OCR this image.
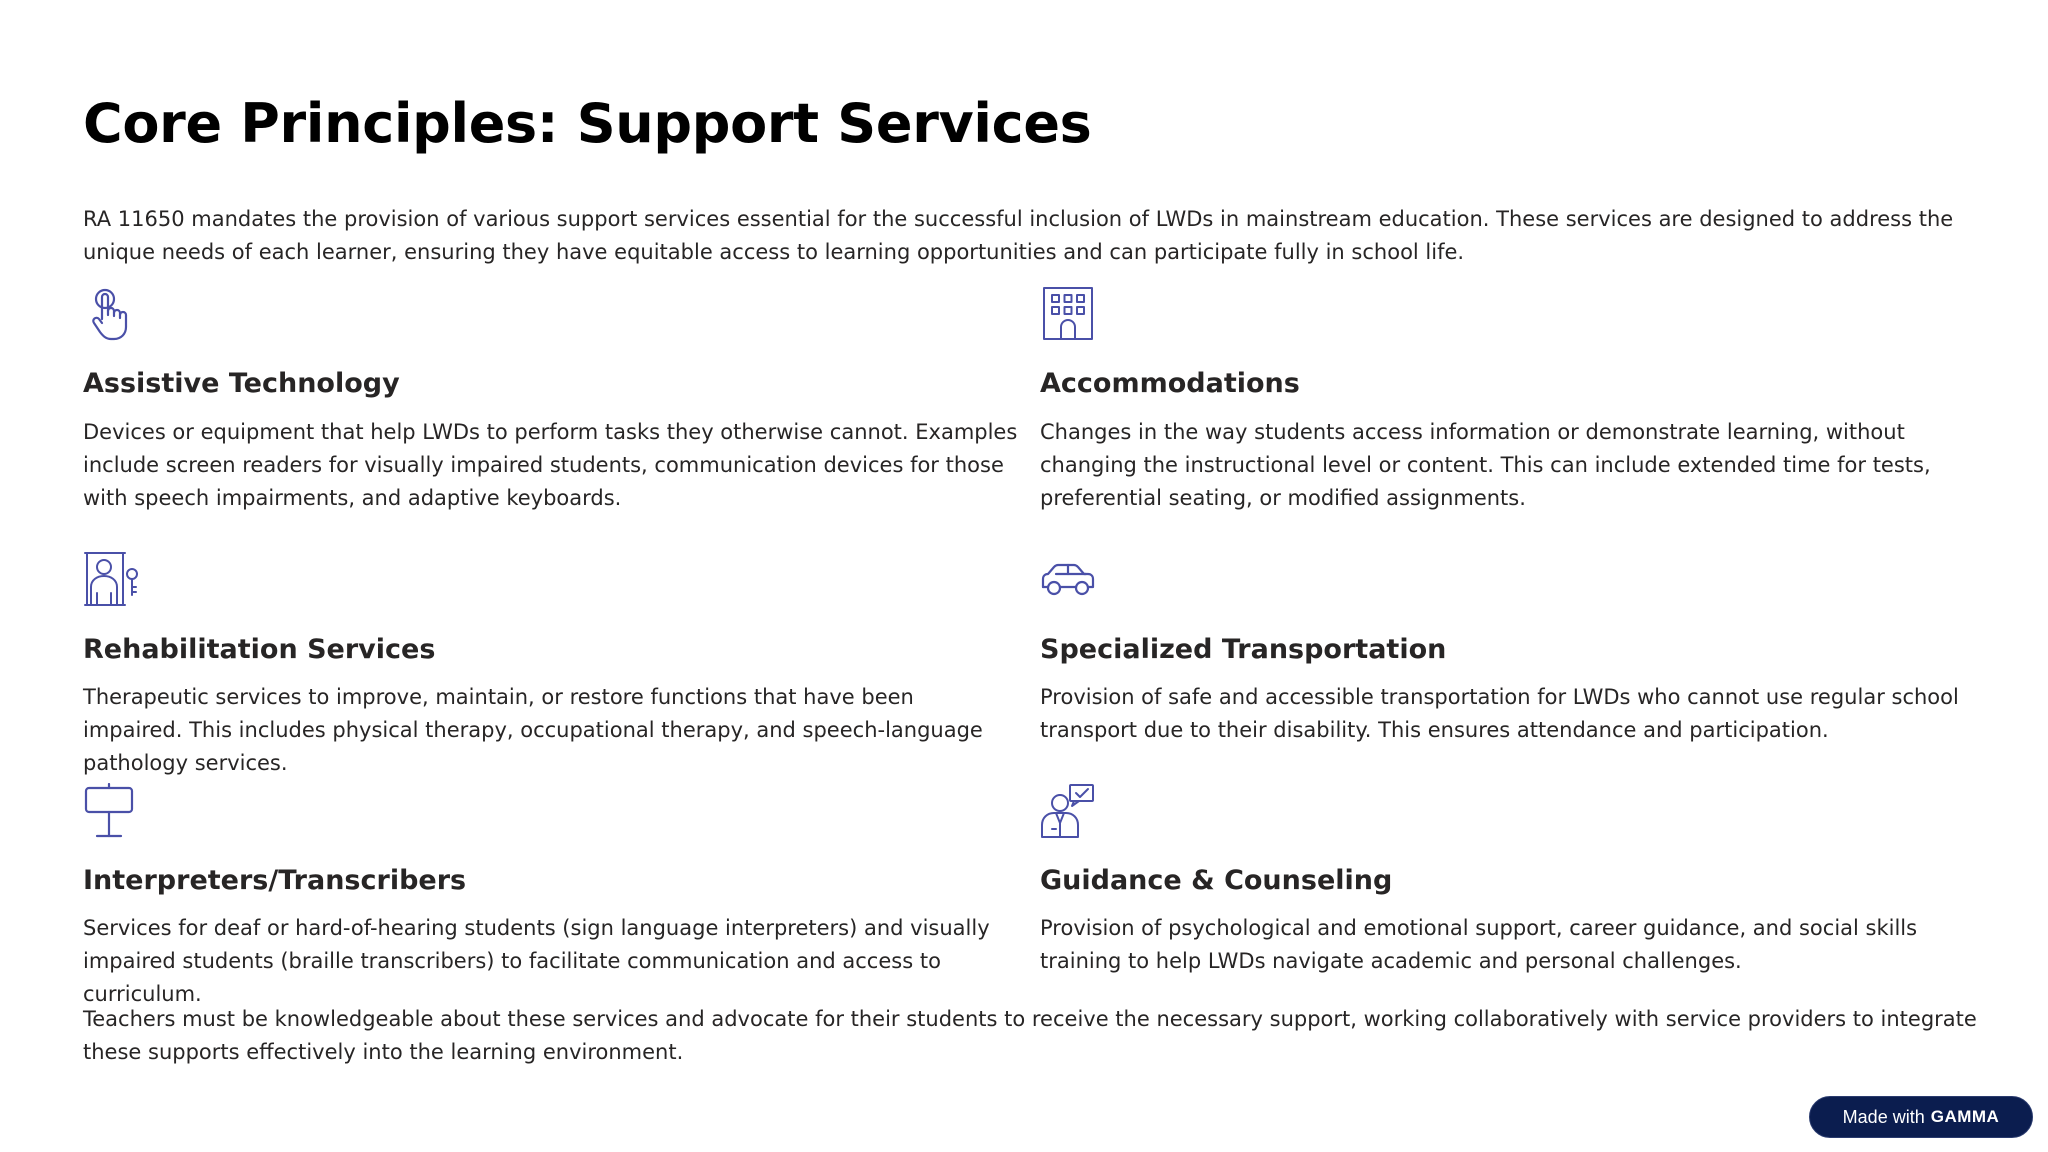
Core Principles: Support Services

RA 11650 mandates the provision of various support services essential for the successful inclusion of LWDs in mainstream education. These services are designed to address the unique needs of each learner, ensuring they have equitable access to learning opportunities and can participate fully in school life.

Assistive Technology

Devices or equipment that help LWDs to perform tasks they otherwise cannot. Examples include screen readers for visually impaired students, communication devices for those with speech impairments, and adaptive keyboards.

Accommodations

Changes in the way students access information or demonstrate learning, without changing the instructional level or content. This can include extended time for tests, preferential seating, or modified assignments.

Rehabilitation Services

Therapeutic services to improve, maintain, or restore functions that have been impaired. This includes physical therapy, occupational therapy, and speech-language pathology services.

Specialized Transportation

Provision of safe and accessible transportation for LWDs who cannot use regular school transport due to their disability. This ensures attendance and participation.

Interpreters/Transcribers

Services for deaf or hard-of-hearing students (sign language interpreters) and visually impaired students (braille transcribers) to facilitate communication and access to curriculum.

Guidance & Counseling

Provision of psychological and emotional support, career guidance, and social skills training to help LWDs navigate academic and personal challenges.

Teachers must be knowledgeable about these services and advocate for their students to receive the necessary support, working collaboratively with service providers to integrate these supports effectively into the learning environment.

Made with GAMMA
